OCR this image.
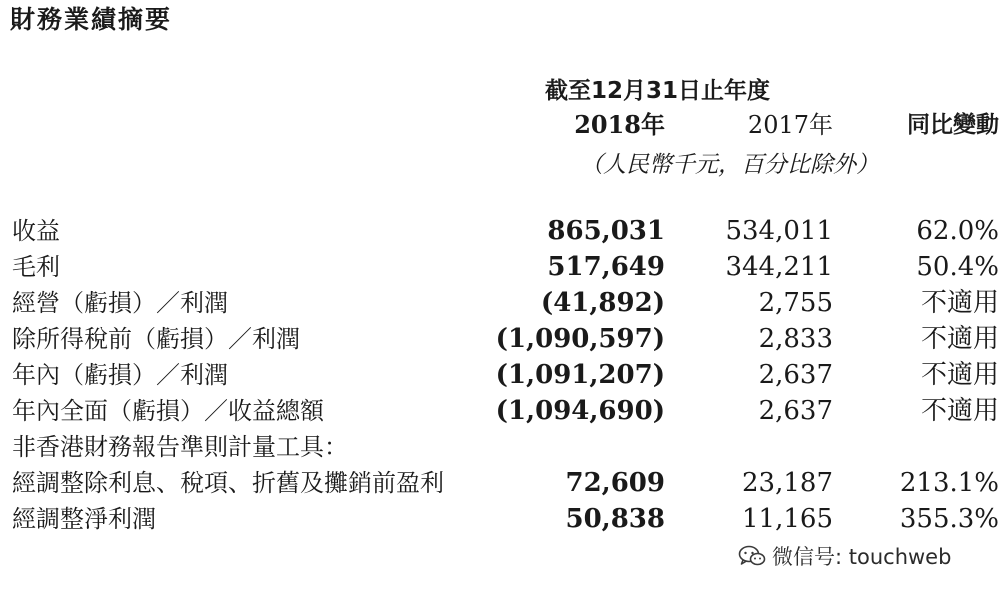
財務業績摘要
截至12月31日止年度
2018年	2017年	同比變動
（人民幣千元，百分比除外）
收益	865,031 534,011	62.0%
毛利	517,649 344,211	50.4%
經營（虧損）／利潤	(41,892)	2,755	不適用
除所得稅前（虧損）／利潤	(1,090,597)	2,833	不適用
年內（虧損）／利潤	(1,091,207)	2,637	不適用
年內全面（虧損）／收益總額	(1,094,690)	2,637	不適用
非香港財務報告準則計量工具：
經調整除利息、稅項、折舊及攤銷前盈利	72,609	23,187	213.1%
經調整淨利潤	50,838	11,165	355.3%
微信号: touchweb
